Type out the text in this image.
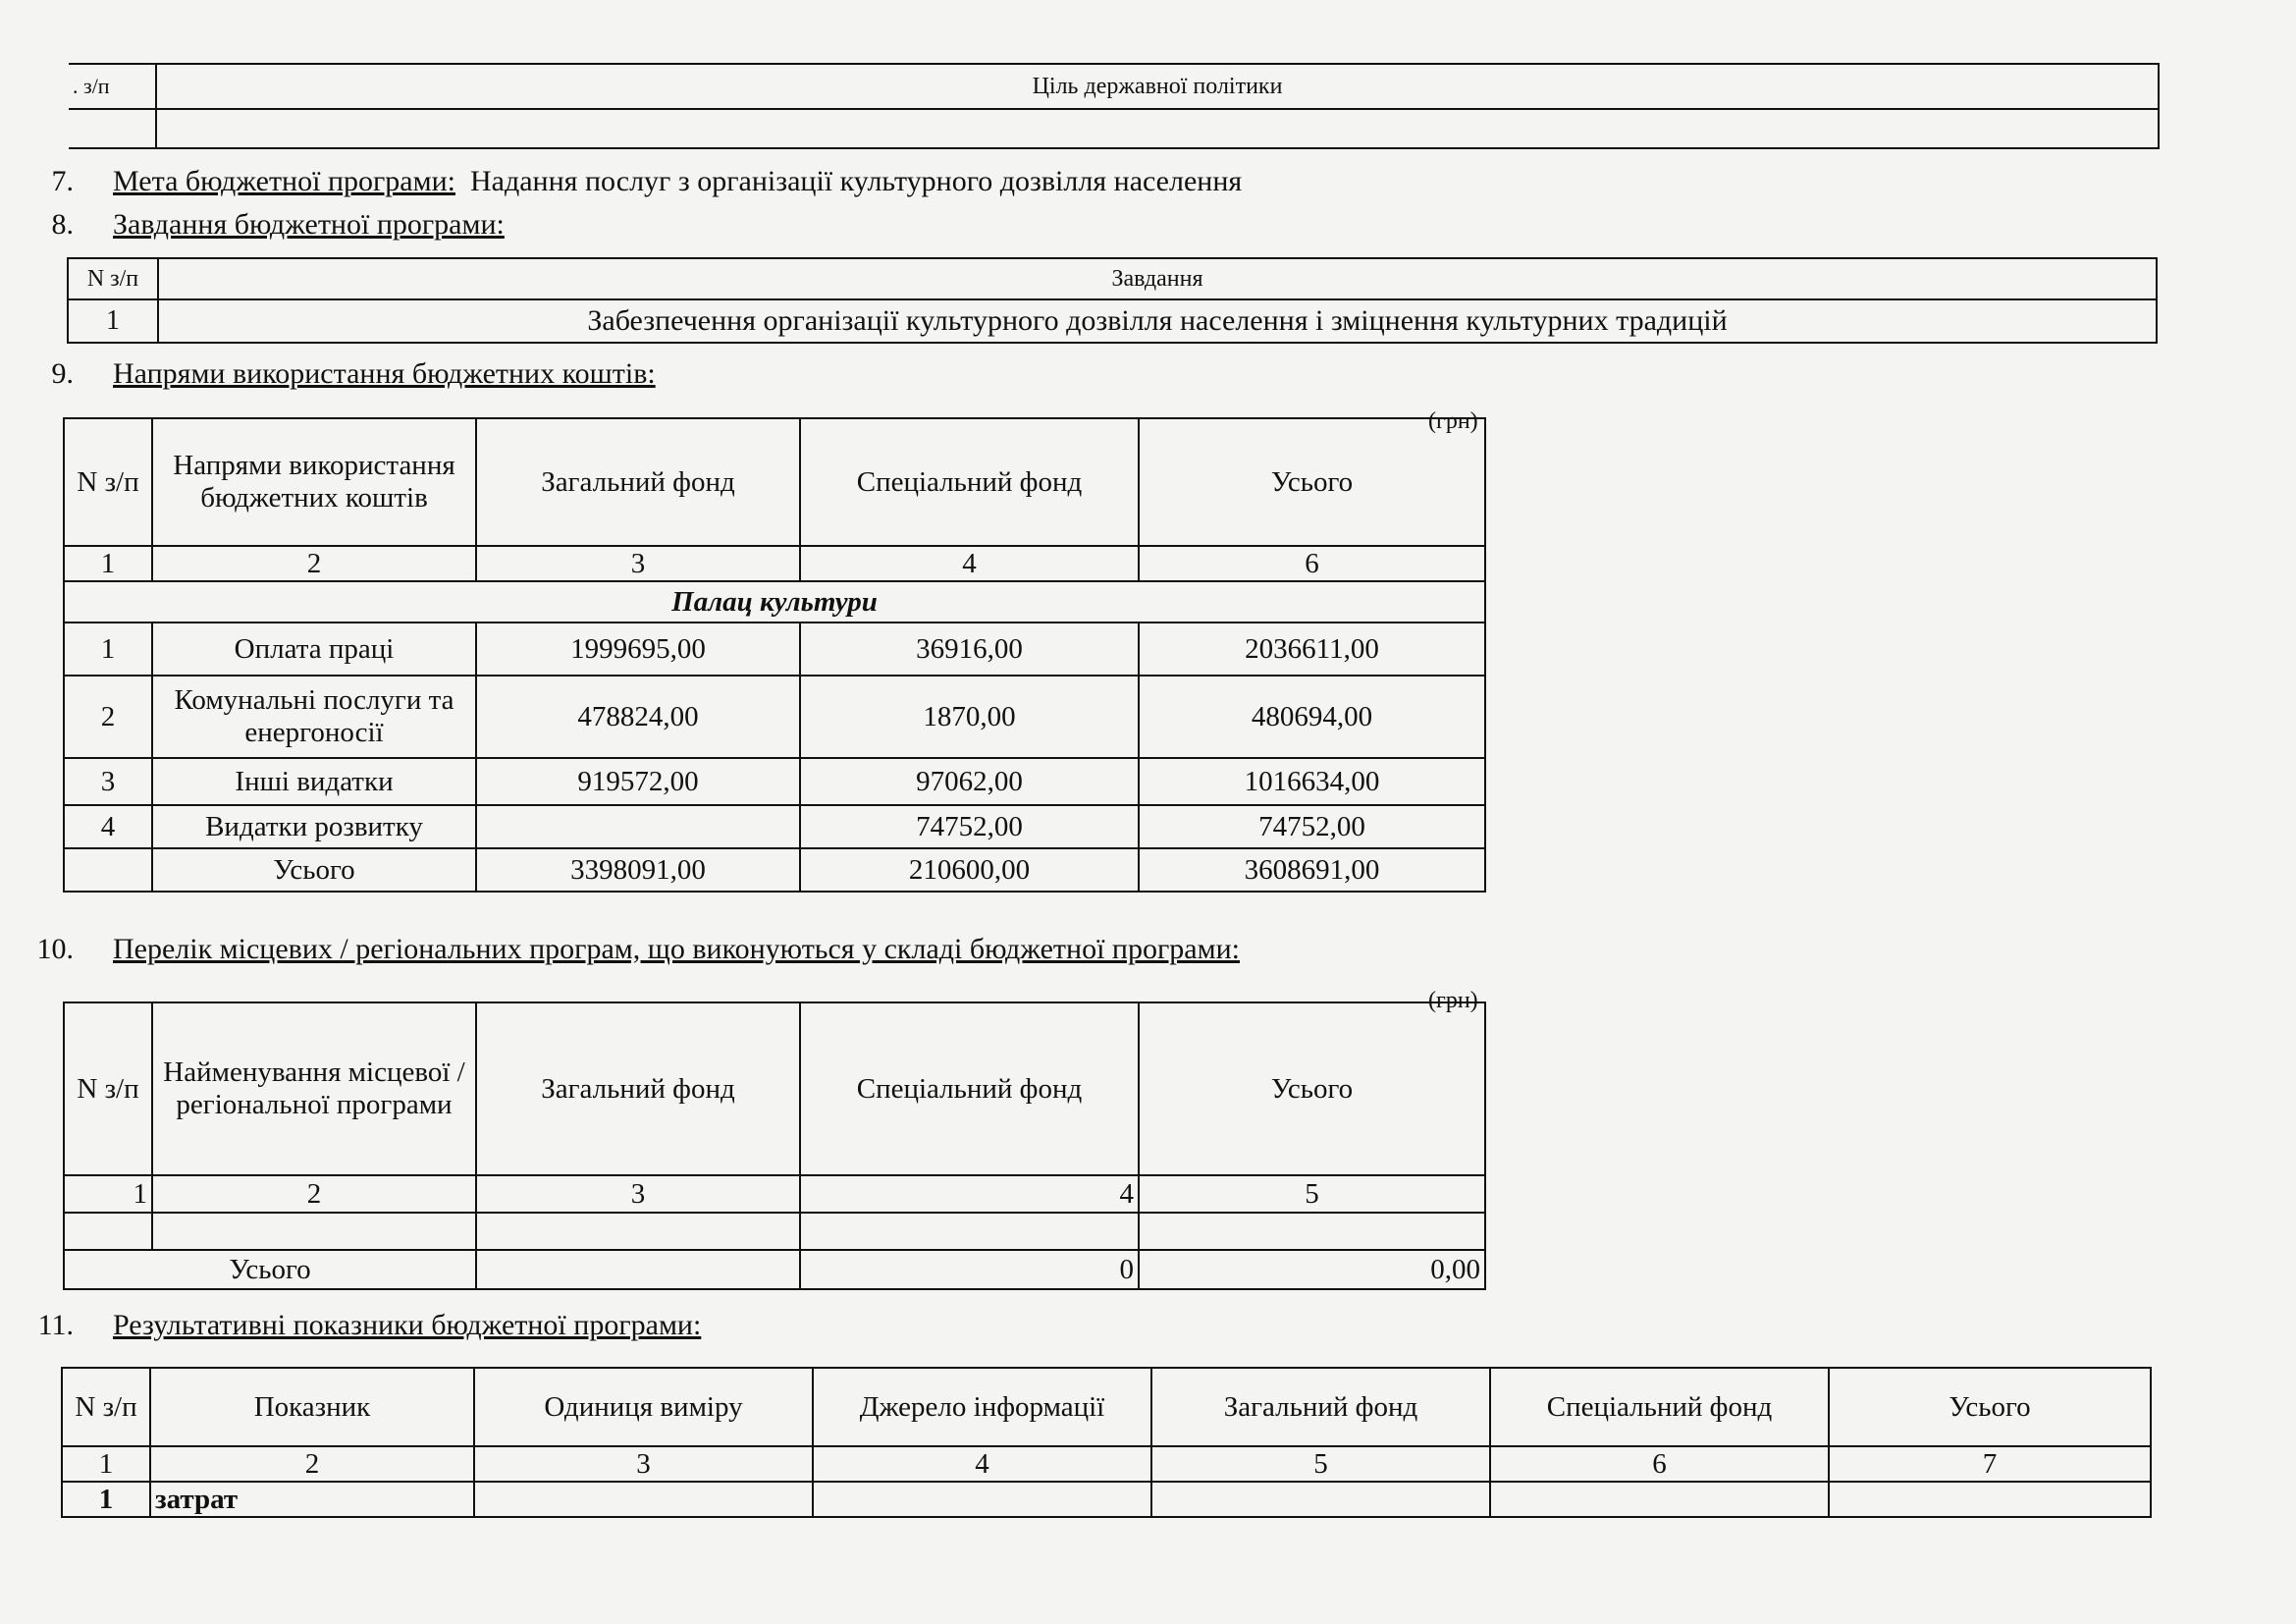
. з/п	Ціль державної політики

7. Мета бюджетної програми: Надання послуг з організації культурного дозвілля населення
8. Завдання бюджетної програми:
N з/п	Завдання
1	Забезпечення організації культурного дозвілля населення і зміцнення культурних традицій
9. Напрями використання бюджетних коштів:
(грн)
N з/п	Напрями використання бюджетних коштів	Загальний фонд	Спеціальний фонд	Усього
1	2	3	4	6
Палац культури				
1	Оплата праці	1999695,00	36916,00	2036611,00
2	Комунальні послуги та енергоносії	478824,00	1870,00	480694,00
3	Інші видатки	919572,00	97062,00	1016634,00
4	Видатки розвитку		74752,00	74752,00
	Усього	3398091,00	210600,00	3608691,00
10. Перелік місцевих / регіональних програм, що виконуються у складі бюджетної програми:
(грн)
N з/п	Найменування місцевої / регіональної програми	Загальний фонд	Спеціальний фонд	Усього
1	2	3	4	5

Усього			0	0,00
11. Результативні показники бюджетної програми:
N з/п	Показник	Одиниця виміру	Джерело інформації	Загальний фонд	Спеціальний фонд	Усього
1	2	3	4	5	6	7
1	затрат					
